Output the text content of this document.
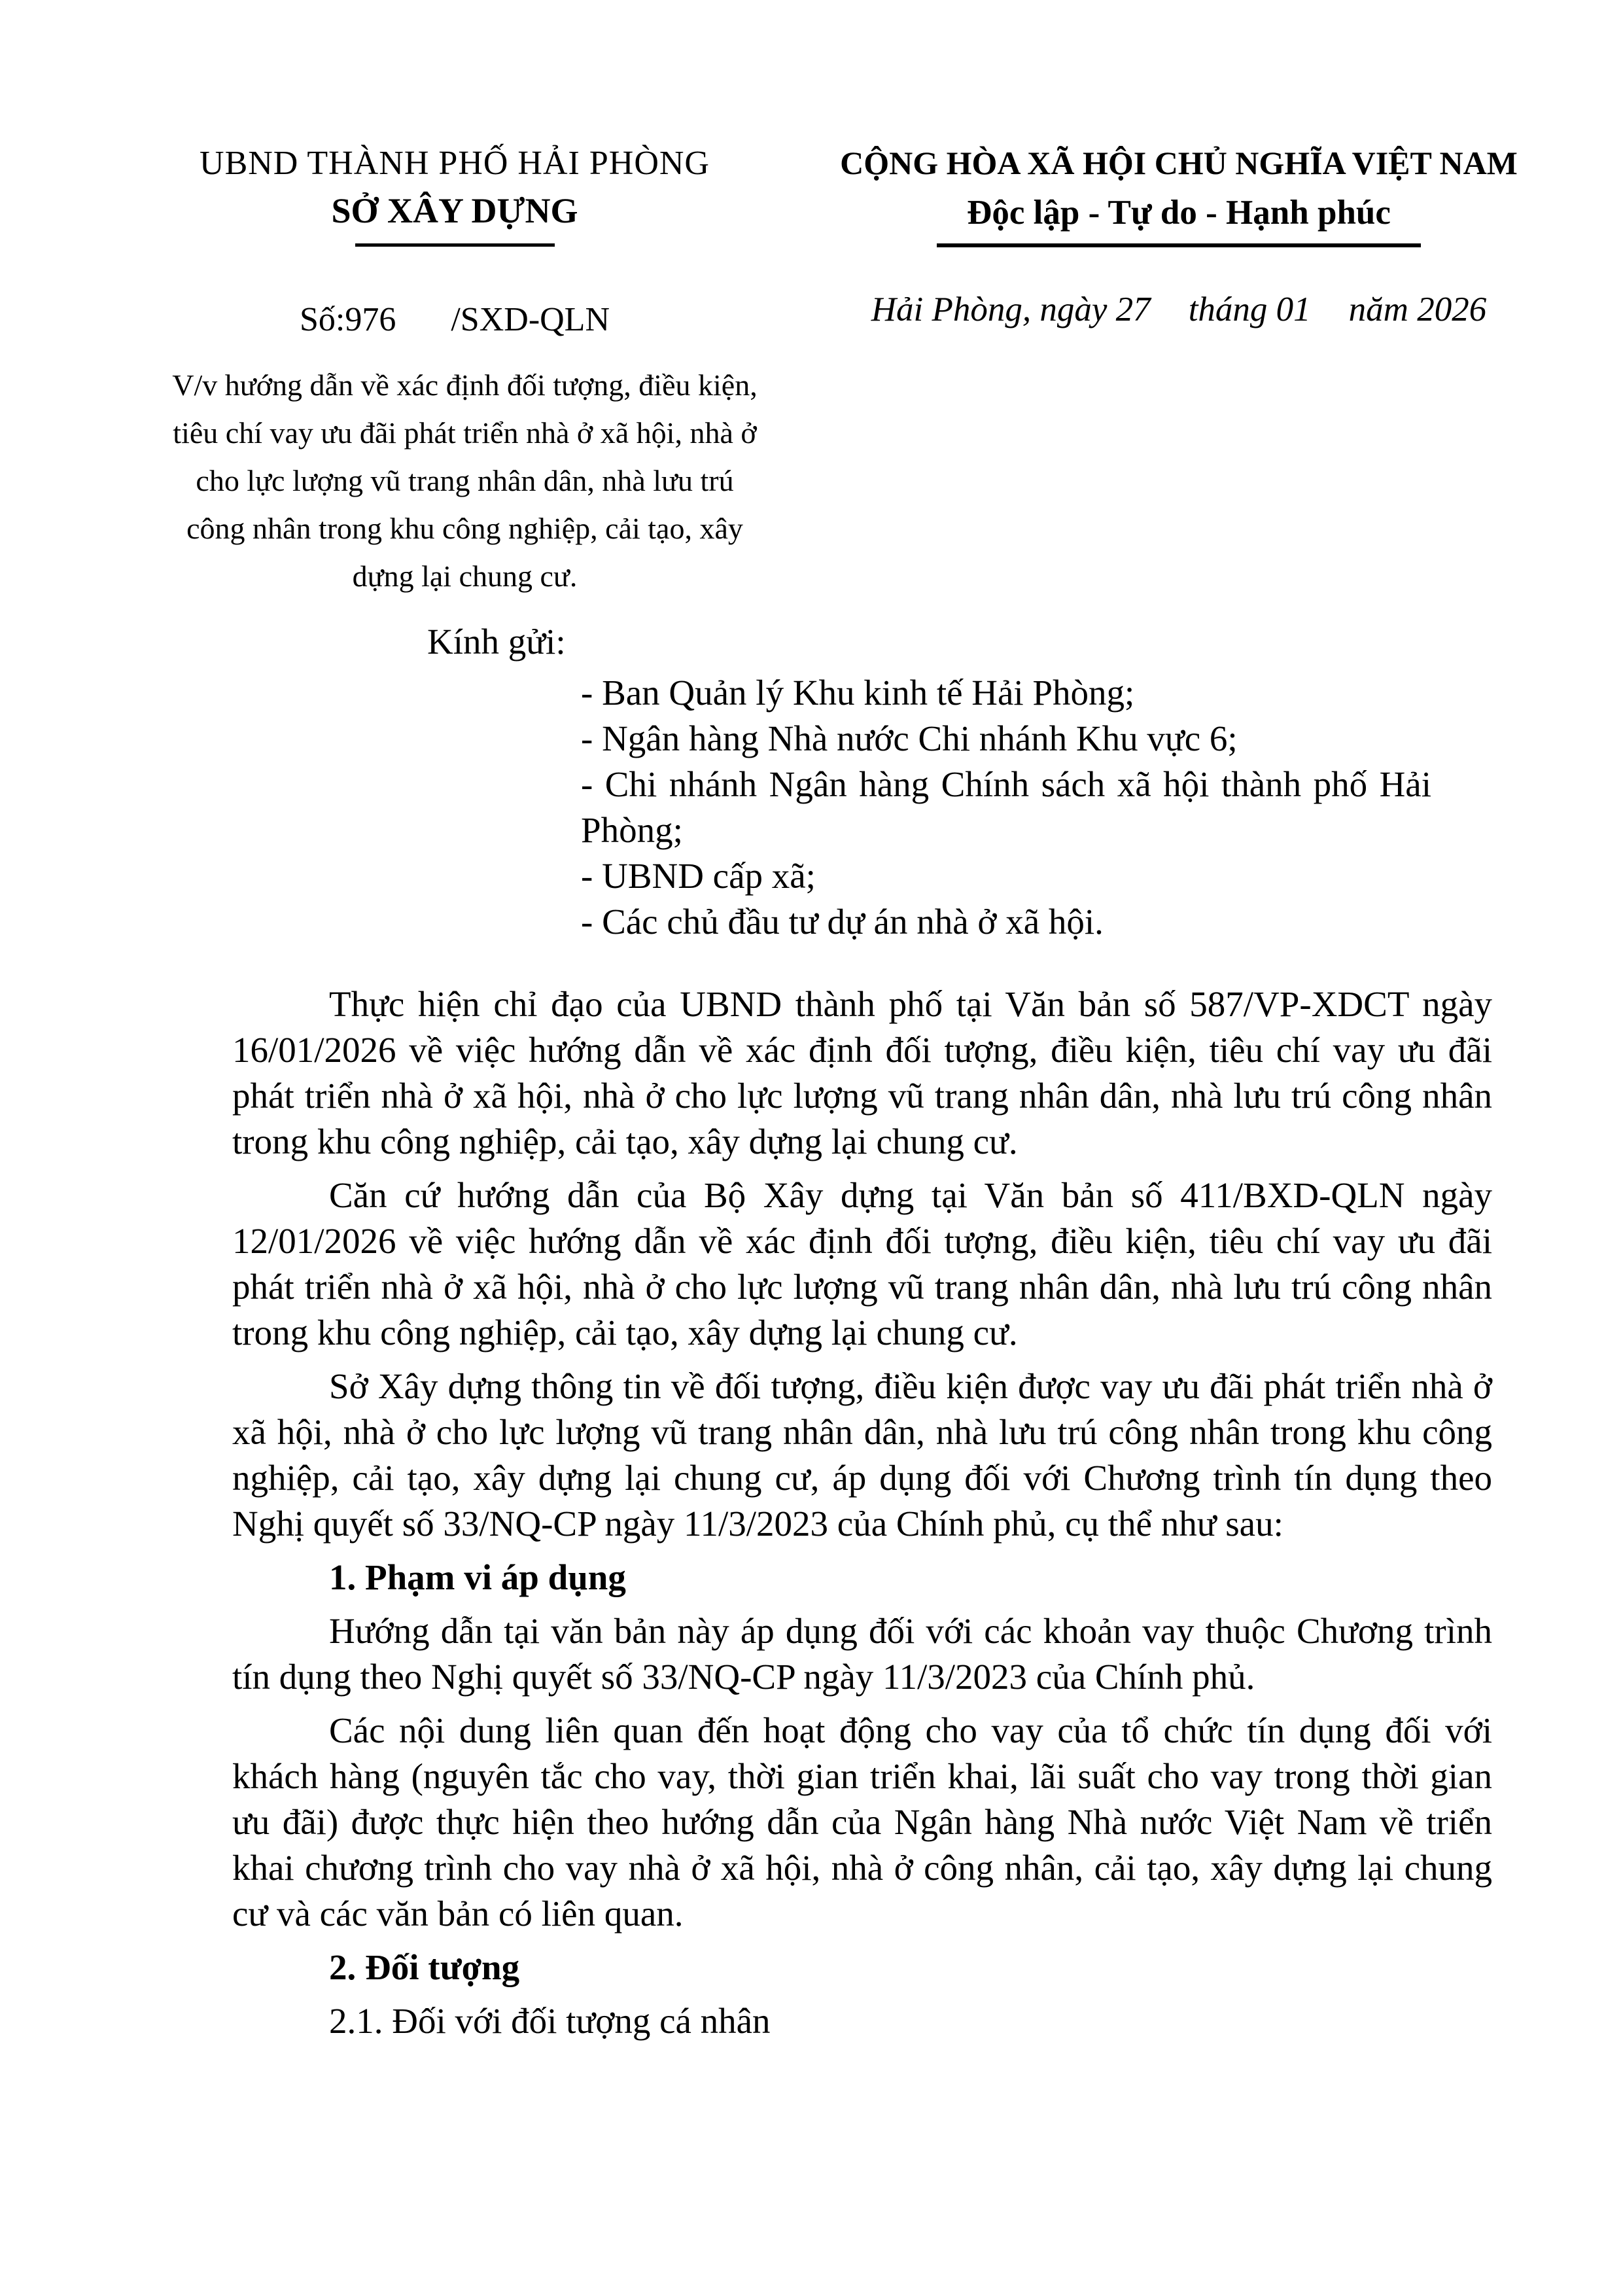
UBND THÀNH PHỐ HẢI PHÒNG
SỞ XÂY DỰNG
Số:976 /SXD-QLN
CỘNG HÒA XÃ HỘI CHỦ NGHĨA VIỆT NAM
Độc lập - Tự do - Hạnh phúc
Hải Phòng, ngày 27 tháng 01 năm 2026
V/v hướng dẫn về xác định đối tượng, điều kiện, tiêu chí vay ưu đãi phát triển nhà ở xã hội, nhà ở cho lực lượng vũ trang nhân dân, nhà lưu trú công nhân trong khu công nghiệp, cải tạo, xây dựng lại chung cư.
Kính gửi:
- Ban Quản lý Khu kinh tế Hải Phòng;
- Ngân hàng Nhà nước Chi nhánh Khu vực 6;
- Chi nhánh Ngân hàng Chính sách xã hội thành phố Hải Phòng;
- UBND cấp xã;
- Các chủ đầu tư dự án nhà ở xã hội.

Thực hiện chỉ đạo của UBND thành phố tại Văn bản số 587/VP-XDCT ngày 16/01/2026 về việc hướng dẫn về xác định đối tượng, điều kiện, tiêu chí vay ưu đãi phát triển nhà ở xã hội, nhà ở cho lực lượng vũ trang nhân dân, nhà lưu trú công nhân trong khu công nghiệp, cải tạo, xây dựng lại chung cư.

Căn cứ hướng dẫn của Bộ Xây dựng tại Văn bản số 411/BXD-QLN ngày 12/01/2026 về việc hướng dẫn về xác định đối tượng, điều kiện, tiêu chí vay ưu đãi phát triển nhà ở xã hội, nhà ở cho lực lượng vũ trang nhân dân, nhà lưu trú công nhân trong khu công nghiệp, cải tạo, xây dựng lại chung cư.

Sở Xây dựng thông tin về đối tượng, điều kiện được vay ưu đãi phát triển nhà ở xã hội, nhà ở cho lực lượng vũ trang nhân dân, nhà lưu trú công nhân trong khu công nghiệp, cải tạo, xây dựng lại chung cư, áp dụng đối với Chương trình tín dụng theo Nghị quyết số 33/NQ-CP ngày 11/3/2023 của Chính phủ, cụ thể như sau:

1. Phạm vi áp dụng

Hướng dẫn tại văn bản này áp dụng đối với các khoản vay thuộc Chương trình tín dụng theo Nghị quyết số 33/NQ-CP ngày 11/3/2023 của Chính phủ.

Các nội dung liên quan đến hoạt động cho vay của tổ chức tín dụng đối với khách hàng (nguyên tắc cho vay, thời gian triển khai, lãi suất cho vay trong thời gian ưu đãi) được thực hiện theo hướng dẫn của Ngân hàng Nhà nước Việt Nam về triển khai chương trình cho vay nhà ở xã hội, nhà ở công nhân, cải tạo, xây dựng lại chung cư và các văn bản có liên quan.

2. Đối tượng

2.1. Đối với đối tượng cá nhân
